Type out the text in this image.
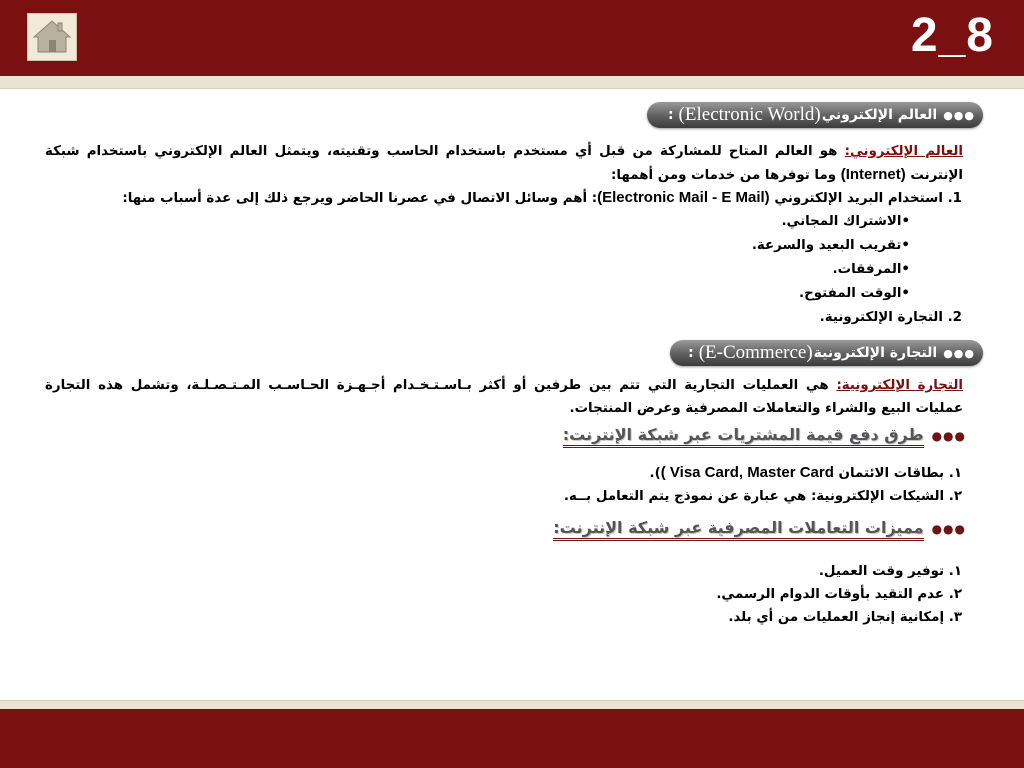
2_8
●●●
العالم الإلكتروني
(Electronic World)
:
العالم الإلكتروني: هو العالم المتاح للمشاركة من قبل أي مستخدم باستخدام الحاسب وتقنيته، ويتمثل العالم الإلكتروني باستخدام شبكة الإنترنت (Internet) وما توفرها من خدمات ومن أهمها:
1. استخدام البريد الإلكتروني (Electronic Mail - E Mail): أهم وسائل الاتصال في عصرنا الحاضر ويرجع ذلك إلى عدة أسباب منها:
•الاشتراك المجاني.
•تقريب البعيد والسرعة.
•المرفقات.
•الوقت المفتوح.
2. التجارة الإلكترونية.
●●●
التجارة الإلكترونية
(E-Commerce)
:
التجارة الإلكترونية: هي العمليات التجارية التي تتم بين طرفين أو أكثر بـاسـتـخـدام أجـهـزة الحـاسـب المـتـصـلـة، وتشمل هذه التجارة عمليات البيع والشراء والتعاملات المصرفية وعرض المنتجات.
●●●
طرق دفع قيمة المشتريات عبر شبكة الإنترنت:
١. بطاقات الائتمان ( Visa Card, Master Card).
٢. الشيكات الإلكترونية: هي عبارة عن نموذج يتم التعامل بــه.
●●●
مميزات التعاملات المصرفية عبر شبكة الإنترنت:
١. توفير وقت العميل.
٢. عدم التقيد بأوقات الدوام الرسمي.
٣. إمكانية إنجاز العمليات من أي بلد.
